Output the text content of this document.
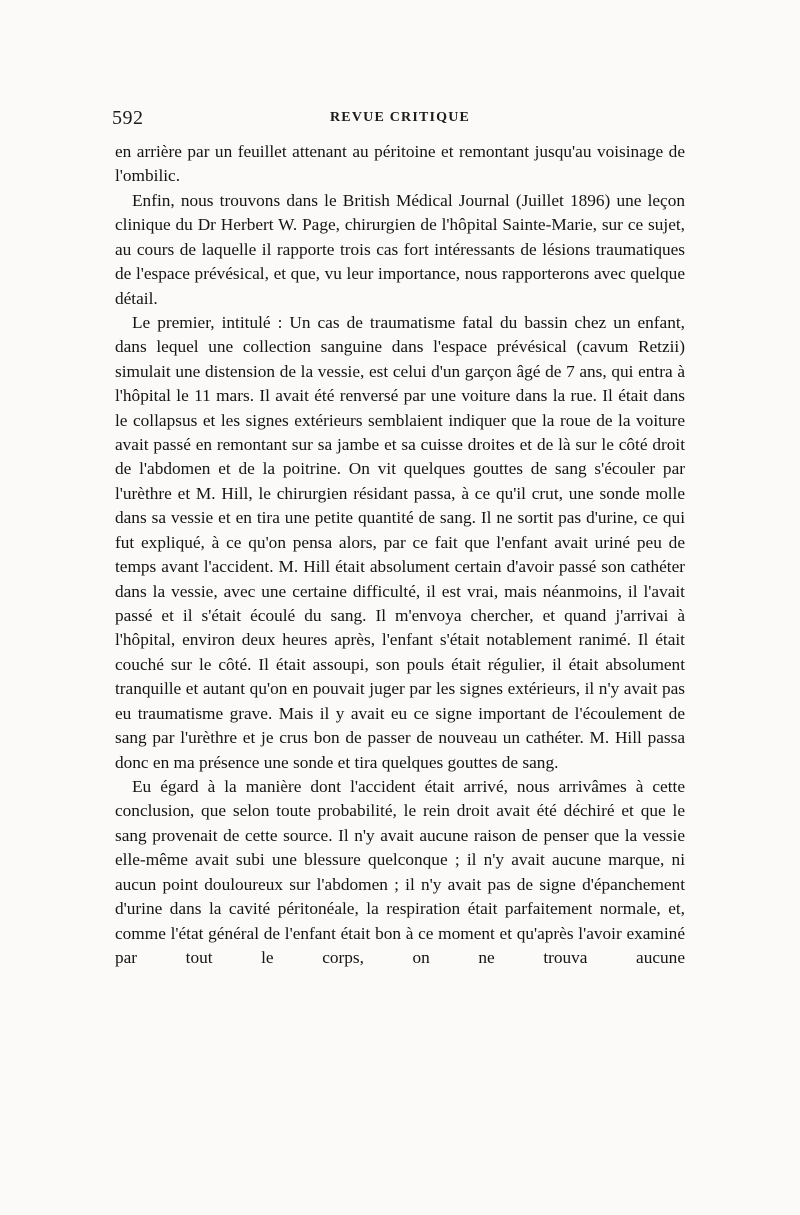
592	REVUE CRITIQUE

en arrière par un feuillet attenant au péritoine et remontant jusqu'au voisinage de l'ombilic.

Enfin, nous trouvons dans le British Médical Journal (Juillet 1896) une leçon clinique du Dr Herbert W. Page, chirurgien de l'hôpital Sainte-Marie, sur ce sujet, au cours de laquelle il rapporte trois cas fort intéressants de lésions traumatiques de l'espace prévésical, et que, vu leur importance, nous rapporterons avec quelque détail.

Le premier, intitulé : Un cas de traumatisme fatal du bassin chez un enfant, dans lequel une collection sanguine dans l'espace prévésical (cavum Retzii) simulait une distension de la vessie, est celui d'un garçon âgé de 7 ans, qui entra à l'hôpital le 11 mars. Il avait été renversé par une voiture dans la rue. Il était dans le collapsus et les signes extérieurs semblaient indiquer que la roue de la voiture avait passé en remontant sur sa jambe et sa cuisse droites et de là sur le côté droit de l'abdomen et de la poitrine. On vit quelques gouttes de sang s'écouler par l'urèthre et M. Hill, le chirurgien résidant passa, à ce qu'il crut, une sonde molle dans sa vessie et en tira une petite quantité de sang. Il ne sortit pas d'urine, ce qui fut expliqué, à ce qu'on pensa alors, par ce fait que l'enfant avait uriné peu de temps avant l'accident. M. Hill était absolument certain d'avoir passé son cathéter dans la vessie, avec une certaine difficulté, il est vrai, mais néanmoins, il l'avait passé et il s'était écoulé du sang. Il m'envoya chercher, et quand j'arrivai à l'hôpital, environ deux heures après, l'enfant s'était notablement ranimé. Il était couché sur le côté. Il était assoupi, son pouls était régulier, il était absolument tranquille et autant qu'on en pouvait juger par les signes extérieurs, il n'y avait pas eu traumatisme grave. Mais il y avait eu ce signe important de l'écoulement de sang par l'urèthre et je crus bon de passer de nouveau un cathéter. M. Hill passa donc en ma présence une sonde et tira quelques gouttes de sang.

Eu égard à la manière dont l'accident était arrivé, nous arrivâmes à cette conclusion, que selon toute probabilité, le rein droit avait été déchiré et que le sang provenait de cette source. Il n'y avait aucune raison de penser que la vessie elle-même avait subi une blessure quelconque ; il n'y avait aucune marque, ni aucun point douloureux sur l'abdomen ; il n'y avait pas de signe d'épanchement d'urine dans la cavité péritonéale, la respiration était parfaitement normale, et, comme l'état général de l'enfant était bon à ce moment et qu'après l'avoir examiné par tout le corps, on ne trouva aucune
